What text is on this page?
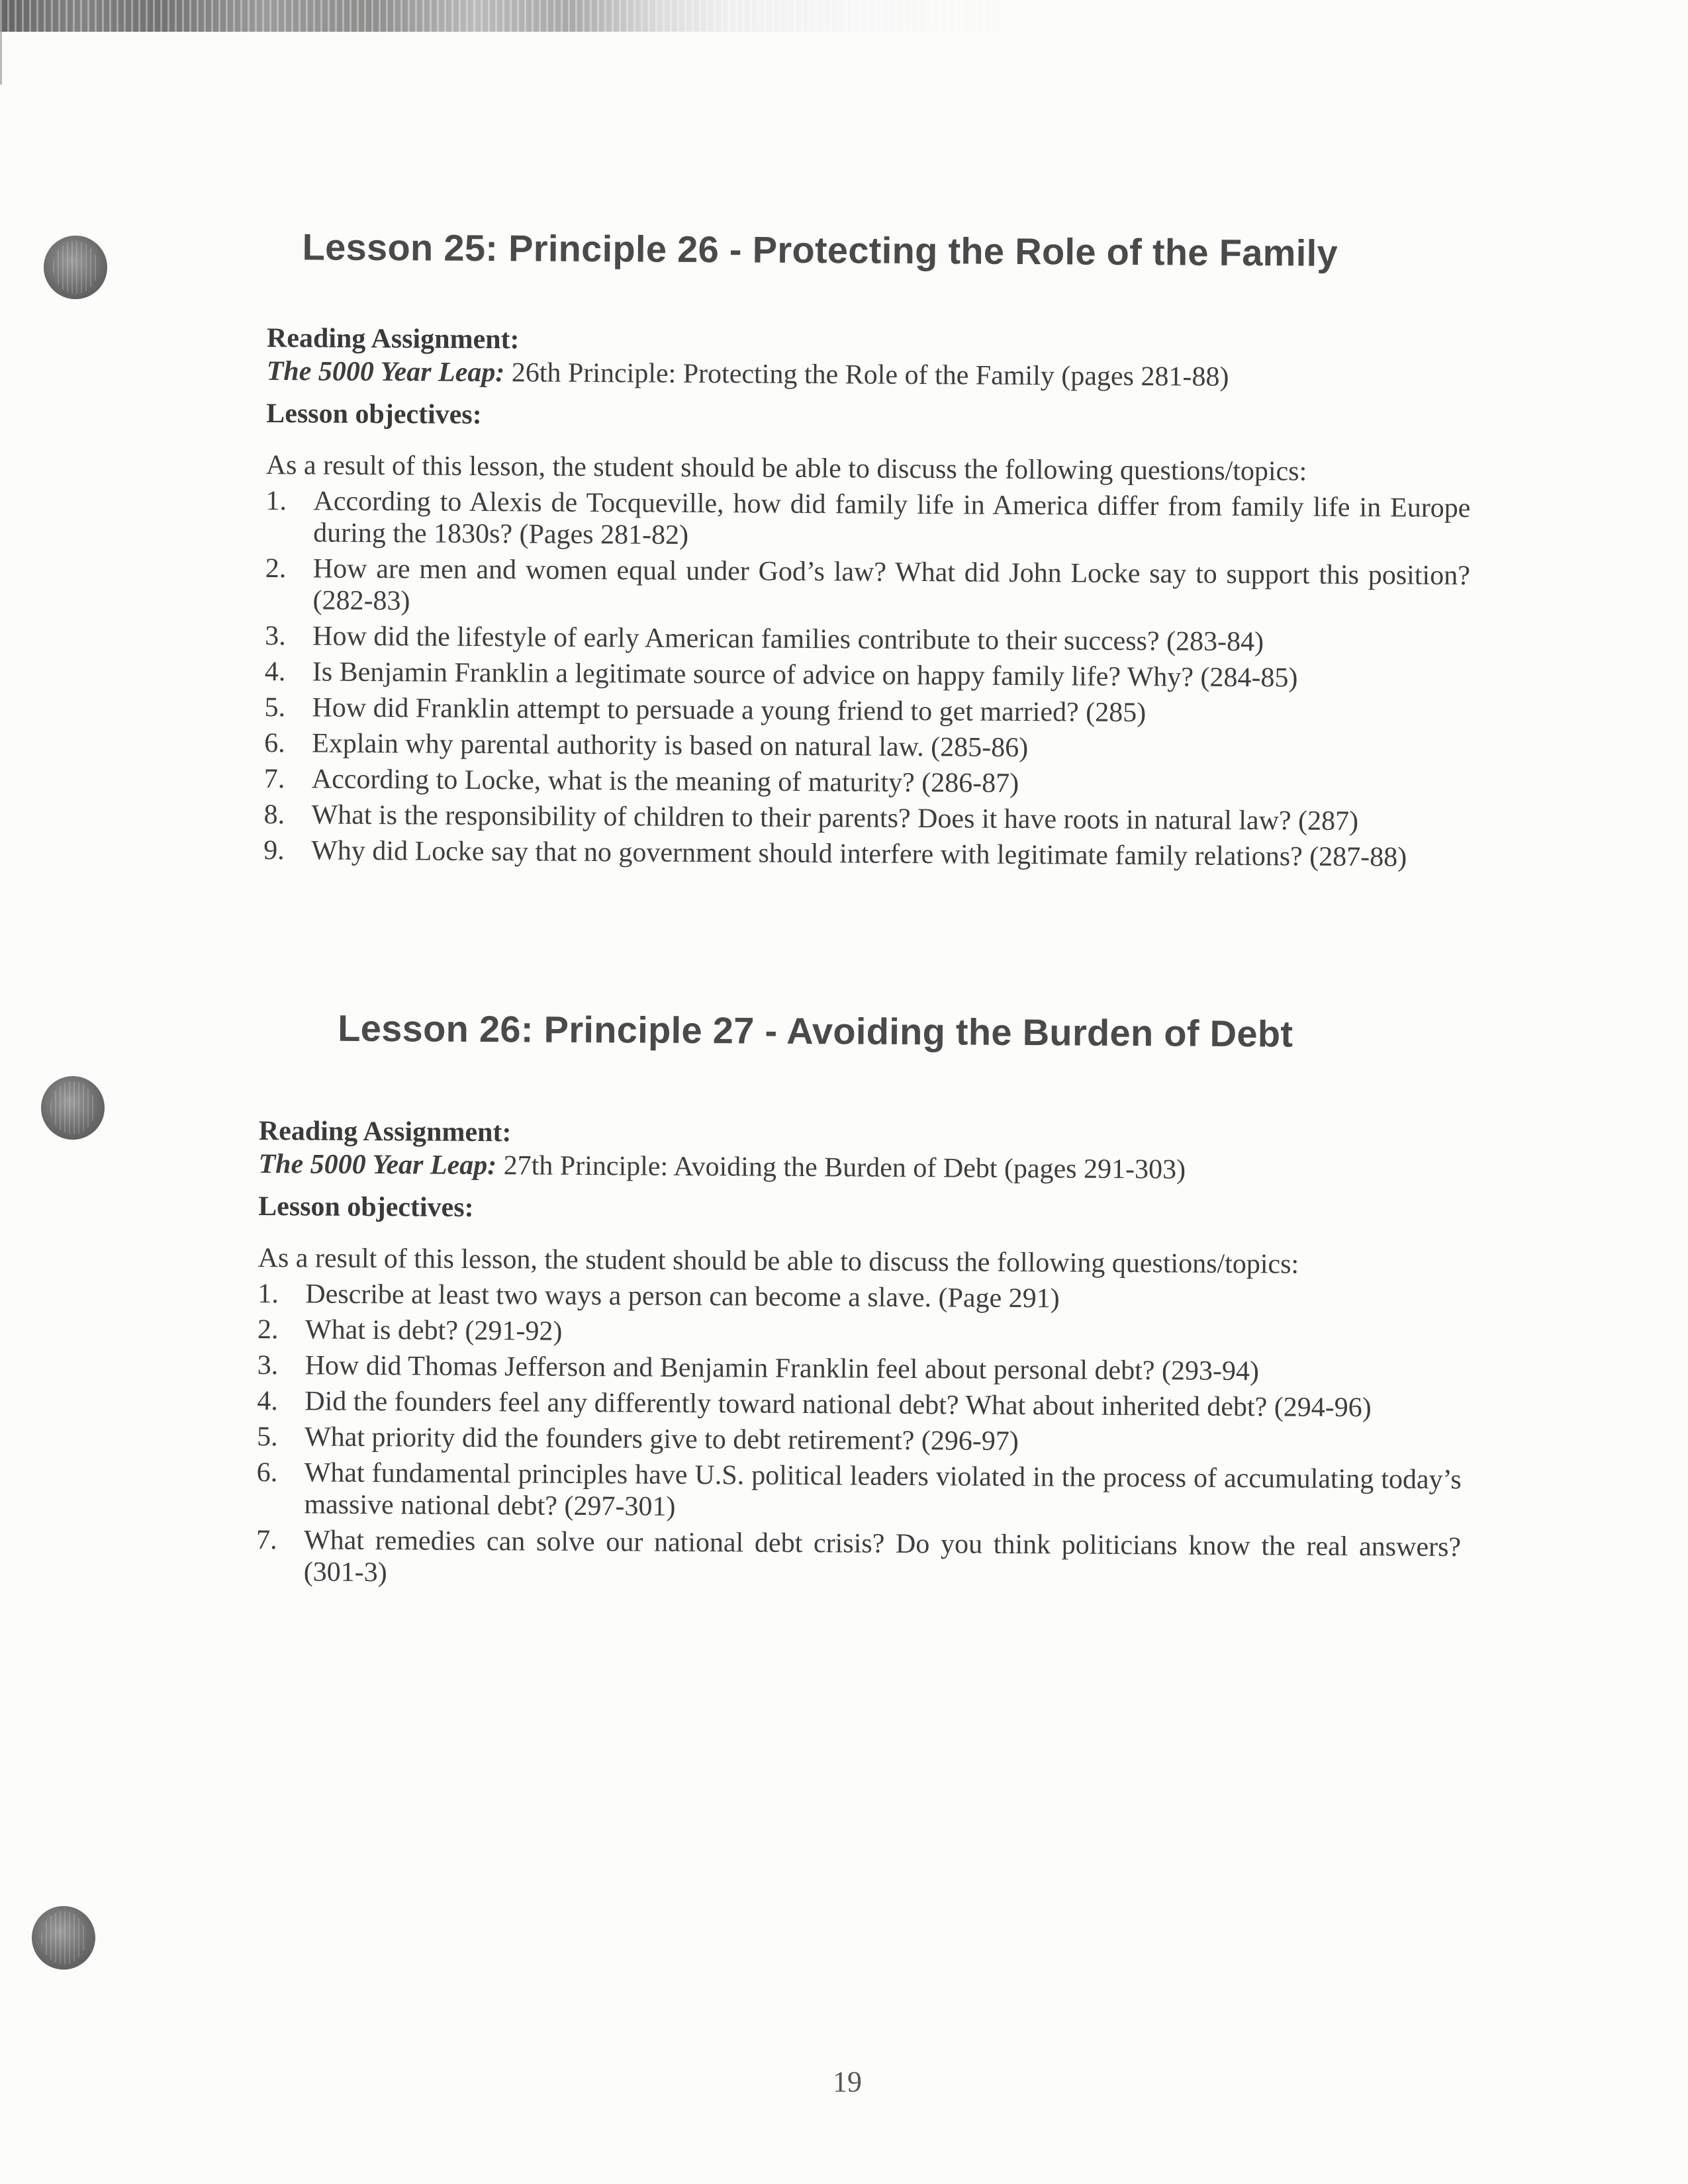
Lesson 25: Principle 26 - Protecting the Role of the Family
Reading Assignment:

The 5000 Year Leap: 26th Principle: Protecting the Role of the Family (pages 281-88)

Lesson objectives:

As a result of this lesson, the student should be able to discuss the following questions/topics:

1. According to Alexis de Tocqueville, how did family life in America differ from family life in Europe during the 1830s? (Pages 281-82)
2. How are men and women equal under God’s law? What did John Locke say to support this position? (282-83)
3. How did the lifestyle of early American families contribute to their success? (283-84)
4. Is Benjamin Franklin a legitimate source of advice on happy family life? Why? (284-85)
5. How did Franklin attempt to persuade a young friend to get married? (285)
6. Explain why parental authority is based on natural law. (285-86)
7. According to Locke, what is the meaning of maturity? (286-87)
8. What is the responsibility of children to their parents? Does it have roots in natural law? (287)
9. Why did Locke say that no government should interfere with legitimate family relations? (287-88)
Lesson 26: Principle 27 - Avoiding the Burden of Debt
Reading Assignment:

The 5000 Year Leap: 27th Principle: Avoiding the Burden of Debt (pages 291-303)

Lesson objectives:

As a result of this lesson, the student should be able to discuss the following questions/topics:

1. Describe at least two ways a person can become a slave. (Page 291)
2. What is debt? (291-92)
3. How did Thomas Jefferson and Benjamin Franklin feel about personal debt? (293-94)
4. Did the founders feel any differently toward national debt? What about inherited debt? (294-96)
5. What priority did the founders give to debt retirement? (296-97)
6. What fundamental principles have U.S. political leaders violated in the process of accumulating today’s massive national debt? (297-301)
7. What remedies can solve our national debt crisis? Do you think politicians know the real answers? (301-3)
19
